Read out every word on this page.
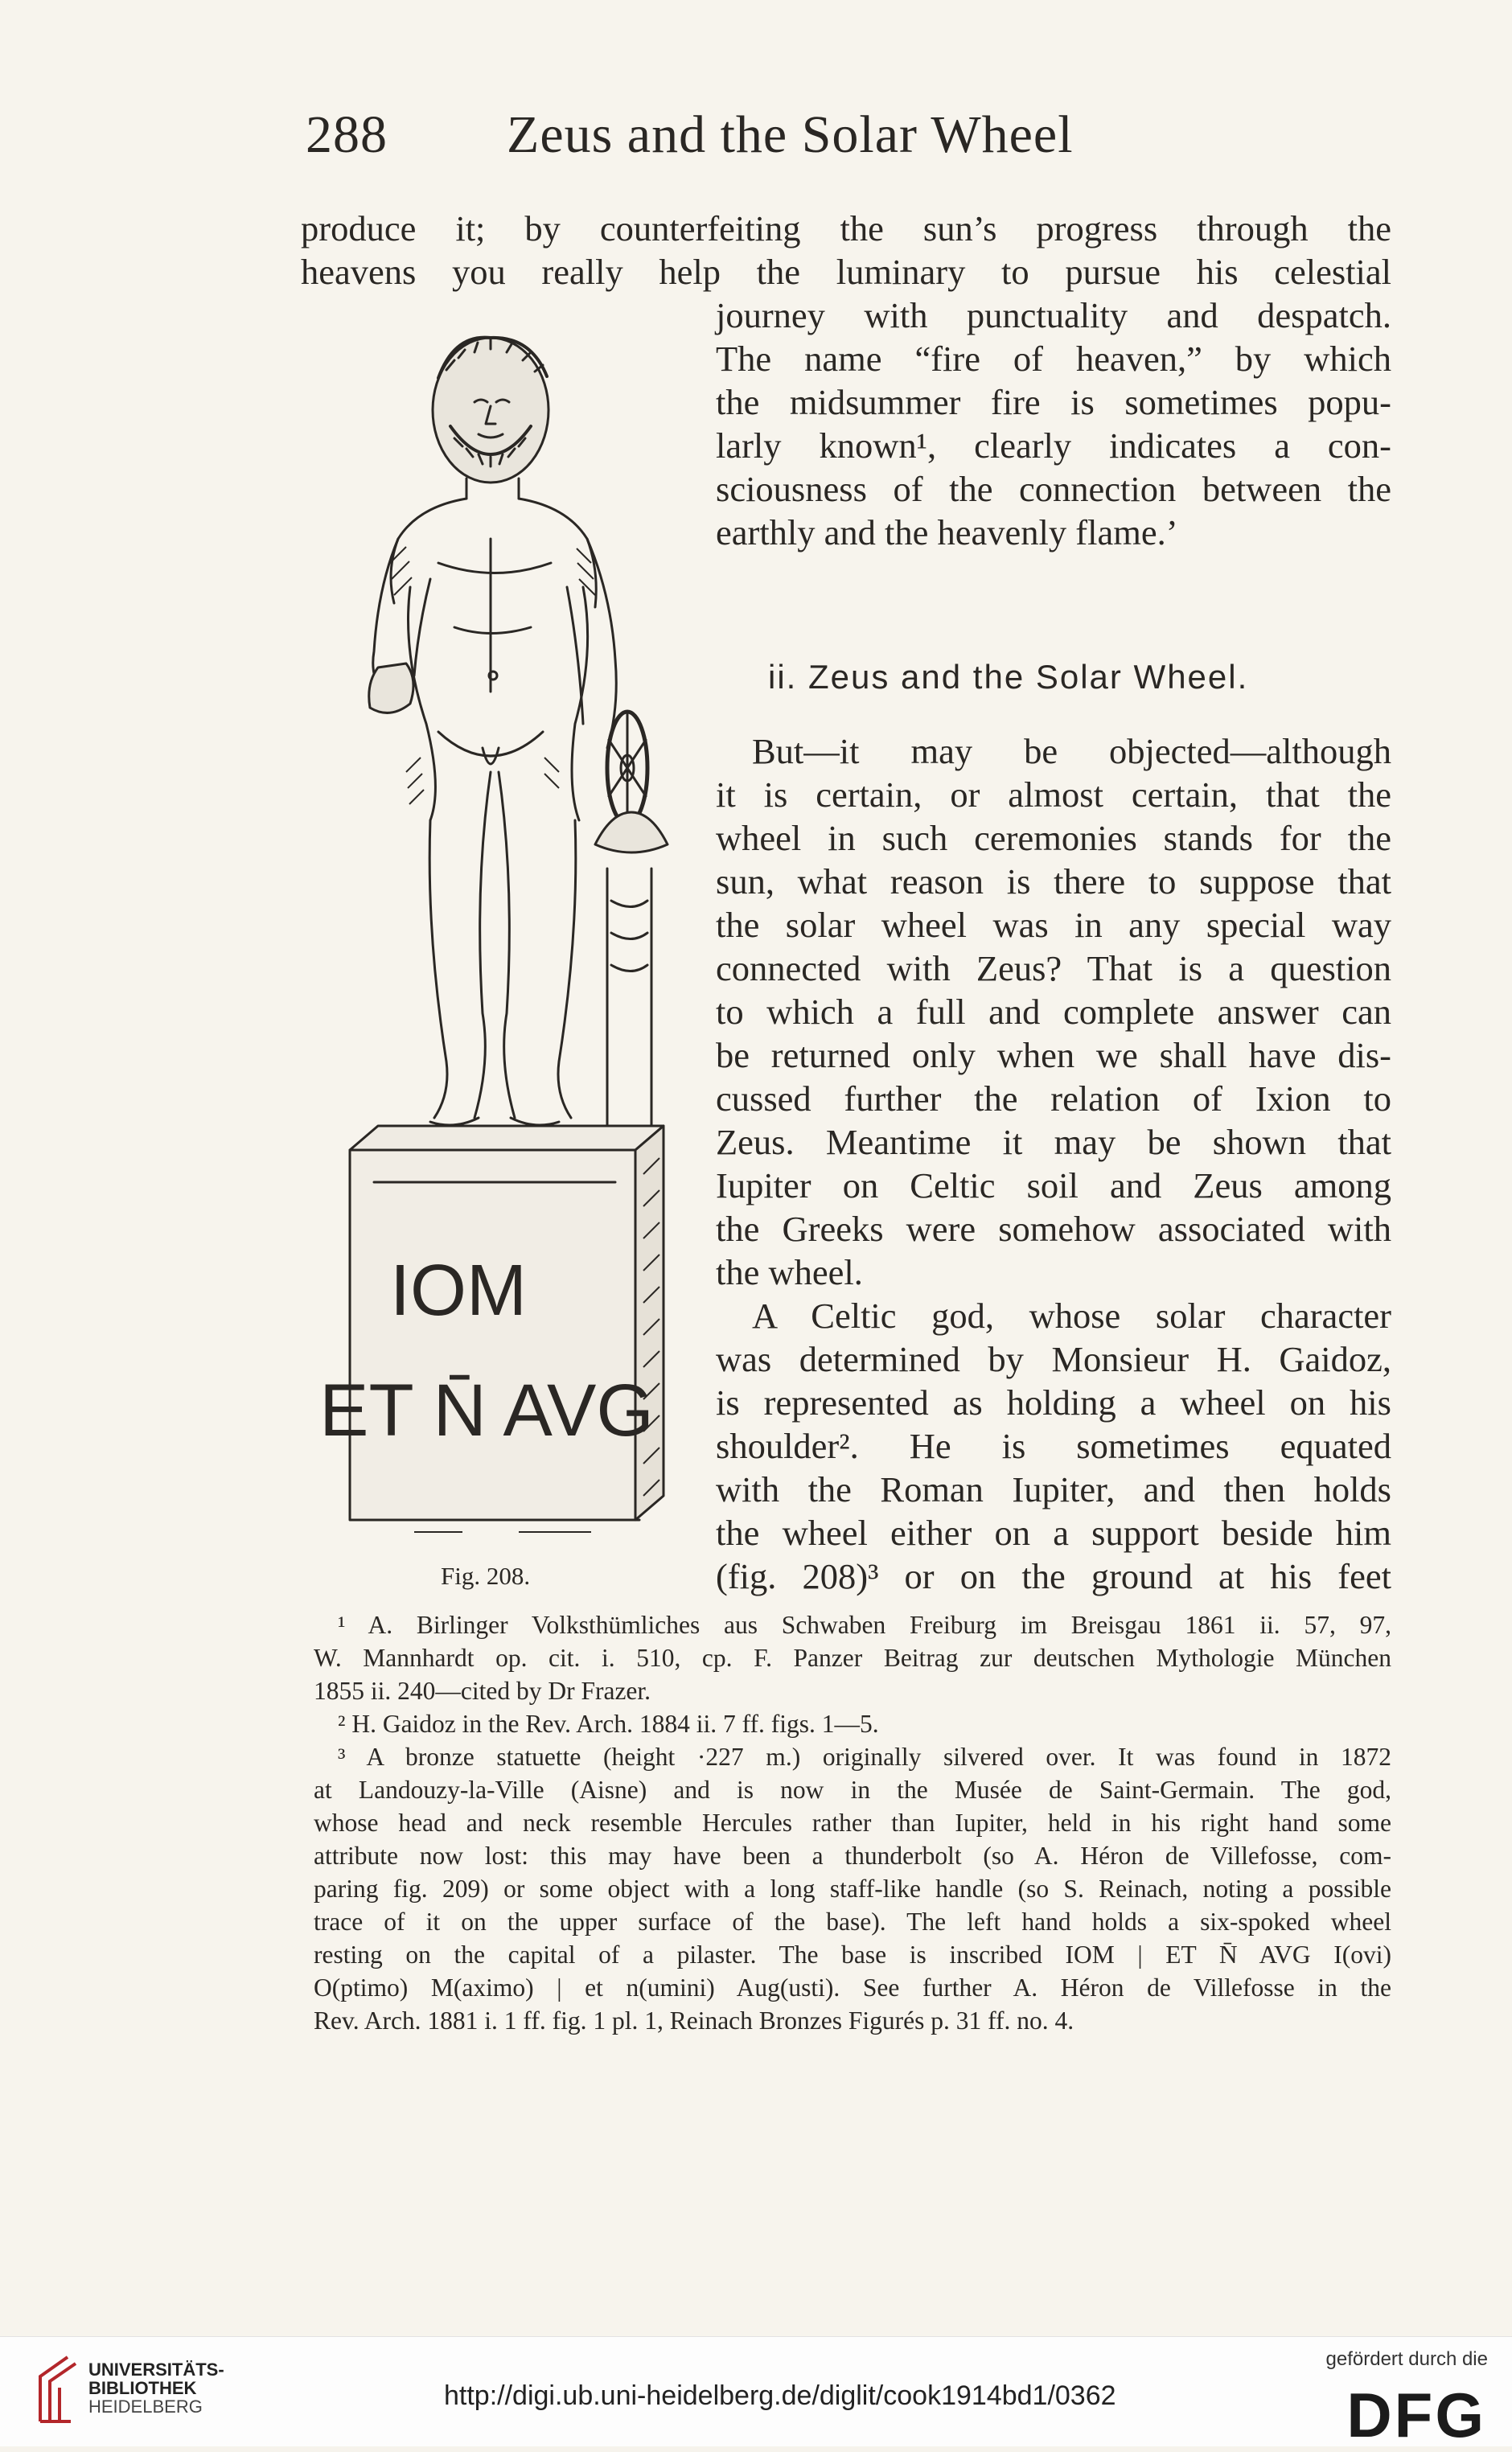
288 Zeus and the Solar Wheel
produce it; by counterfeiting the sun’s progress through the
heavens you really help the luminary to pursue his celestial
journey with punctuality and despatch.
The name “fire of heaven,” by which
the midsummer fire is sometimes popu-
larly known¹, clearly indicates a con-
sciousness of the connection between the
earthly and the heavenly flame.’
ii. Zeus and the Solar Wheel.
But—it may be objected—although
it is certain, or almost certain, that the
wheel in such ceremonies stands for the
sun, what reason is there to suppose that
the solar wheel was in any special way
connected with Zeus? That is a question
to which a full and complete answer can
be returned only when we shall have dis-
cussed further the relation of Ixion to
Zeus. Meantime it may be shown that
Iupiter on Celtic soil and Zeus among
the Greeks were somehow associated with
the wheel.
A Celtic god, whose solar character
was determined by Monsieur H. Gaidoz,
is represented as holding a wheel on his
shoulder². He is sometimes equated
with the Roman Iupiter, and then holds
the wheel either on a support beside him
(fig. 208)³ or on the ground at his feet
IOM
ET N̄ AVG
Fig. 208.
¹ A. Birlinger Volksthümliches aus Schwaben Freiburg im Breisgau 1861 ii. 57, 97,
W. Mannhardt op. cit. i. 510, cp. F. Panzer Beitrag zur deutschen Mythologie München
1855 ii. 240—cited by Dr Frazer.
² H. Gaidoz in the Rev. Arch. 1884 ii. 7 ff. figs. 1—5.
³ A bronze statuette (height ·227 m.) originally silvered over. It was found in 1872
at Landouzy-la-Ville (Aisne) and is now in the Musée de Saint-Germain. The god,
whose head and neck resemble Hercules rather than Iupiter, held in his right hand some
attribute now lost: this may have been a thunderbolt (so A. Héron de Villefosse, com-
paring fig. 209) or some object with a long staff-like handle (so S. Reinach, noting a possible
trace of it on the upper surface of the base). The left hand holds a six-spoked wheel
resting on the capital of a pilaster. The base is inscribed IOM | ET N̄ AVG I(ovi)
O(ptimo) M(aximo) | et n(umini) Aug(usti). See further A. Héron de Villefosse in the
Rev. Arch. 1881 i. 1 ff. fig. 1 pl. 1, Reinach Bronzes Figurés p. 31 ff. no. 4.
UNIVERSITÄTS-
BIBLIOTHEK
HEIDELBERG	http://digi.ub.uni-heidelberg.de/diglit/cook1914bd1/0362
gefördert durch die
DFG
